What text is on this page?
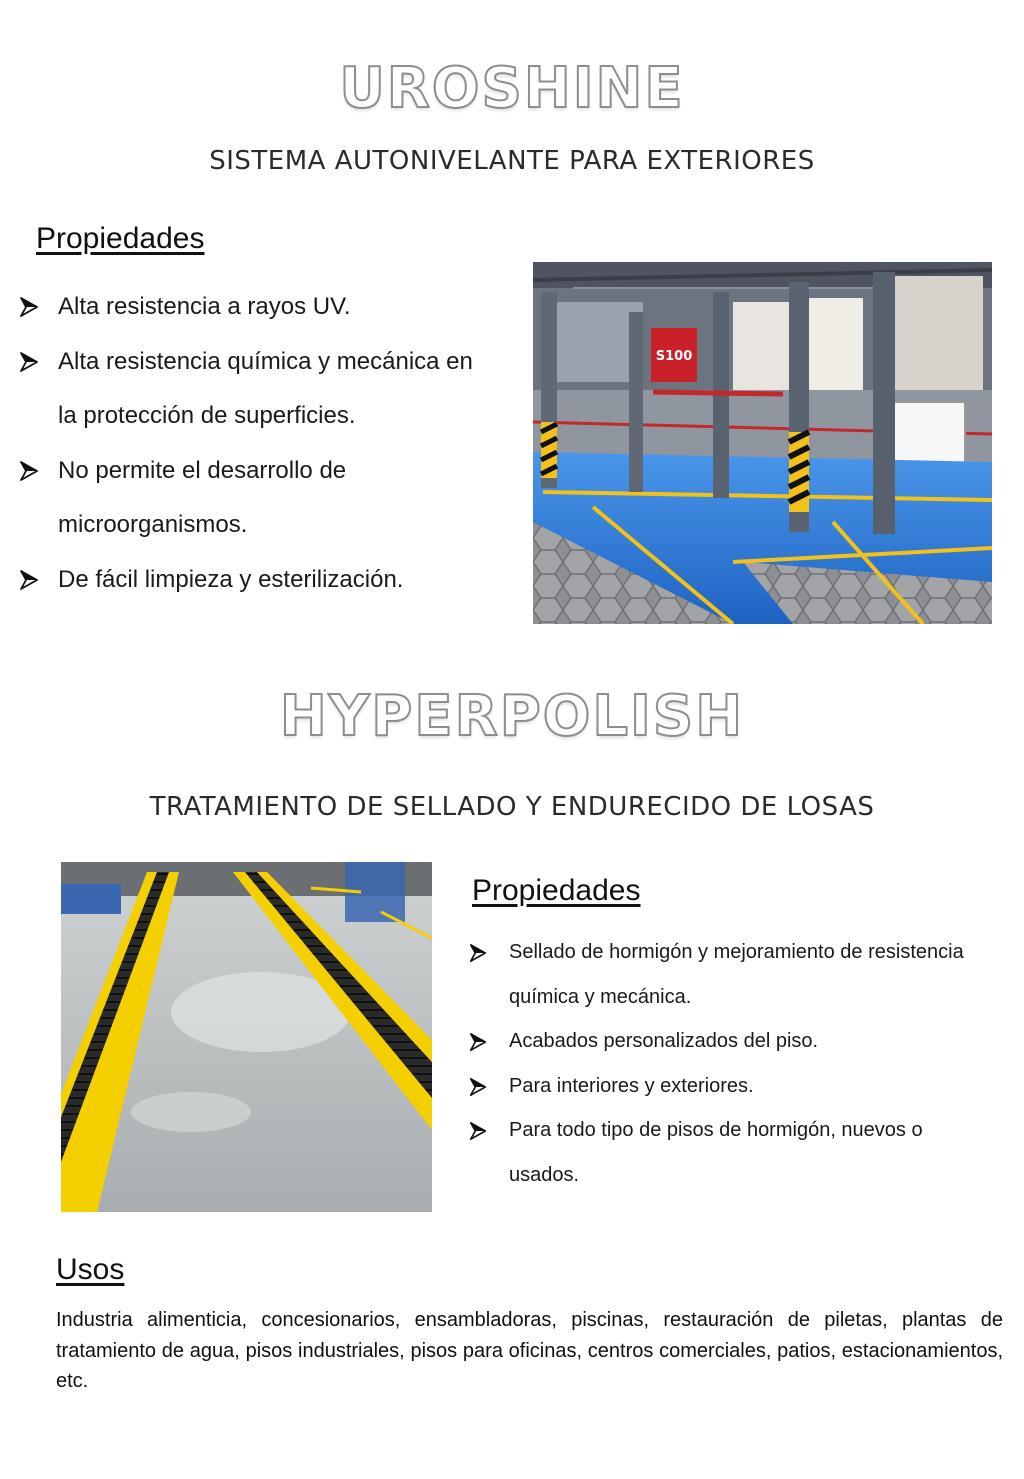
UROSHINE
SISTEMA AUTONIVELANTE PARA EXTERIORES
Propiedades
Alta resistencia a rayos UV.
Alta resistencia química y mecánica en la protección de superficies.
No permite el desarrollo de microorganismos.
De fácil limpieza y esterilización.
S100
HYPERPOLISH
TRATAMIENTO DE SELLADO Y ENDURECIDO DE LOSAS
Propiedades
Sellado de hormigón y mejoramiento de resistencia química y mecánica.
Acabados personalizados del piso.
Para interiores y exteriores.
Para todo tipo de pisos de hormigón, nuevos o usados.
Usos
Industria alimenticia, concesionarios, ensambladoras, piscinas, restauración de piletas, plantas de tratamiento de agua, pisos industriales, pisos para oficinas, centros comerciales, patios, estacionamientos, etc.
